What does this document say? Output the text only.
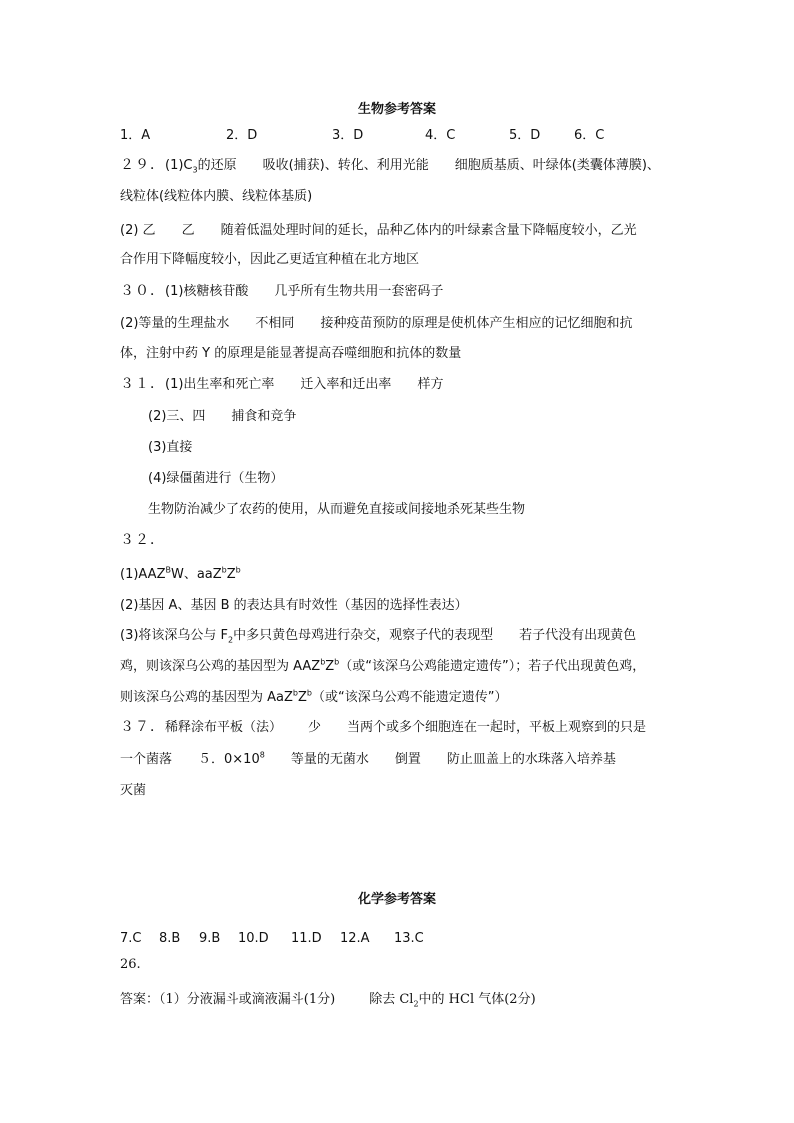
生物参考答案
1．A	2．D	3．D	4．C	5．D	6．C
２９．$(1)C_3$的还原 吸收(捕获)、转化、利用光能 细胞质基质、叶绿体(类囊体薄膜)、
线粒体(线粒体内膜、线粒体基质)
(2) 乙 乙 随着低温处理时间的延长，品种乙体内的叶绿素含量下降幅度较小，乙光
合作用下降幅度较小，因此乙更适宜种植在北方地区
３０．(1)核糖核苷酸 几乎所有生物共用一套密码子
(2)等量的生理盐水 不相同 接种疫苗预防的原理是使机体产生相应的记忆细胞和抗
体，注射中药 Y 的原理是能显著提高吞噬细胞和抗体的数量
３１．(1)出生率和死亡率 迁入率和迁出率 样方
(2)三、四 捕食和竞争
(3)直接
(4)绿僵菌进行（生物）
生物防治减少了农药的使用，从而避免直接或间接地杀死某些生物
３２．
$(1)AAZ^BW$、$aaZ^bZ^b$
(2)基因 A、基因 B 的表达具有时效性（基因的选择性表达）
(3)将该深乌公与 $F_2$中多只黄色母鸡进行杂交，观察子代的表现型 若子代没有出现黄色
鸡，则该深乌公鸡的基因型为 $AAZ^bZ^b$（或“该深乌公鸡能遗定遗传”）；若子代出现黄色鸡，
则该深乌公鸡的基因型为 $AaZ^bZ^b$（或“该深乌公鸡不能遗定遗传”）
３７．稀释涂布平板（法） 少 当两个或多个细胞连在一起时，平板上观察到的只是
一个菌落 ５．$0\times 10^8$ 等量的无菌水 倒置 防止皿盖上的水珠落入培养基
灭菌
化学参考答案
7.C 8.B 9.B 10.D 11.D 12.A 13.C
26.
答案：（1）分液漏斗或滴液漏斗(1分)	除去 $Cl_2$中的 HCl 气体(2分)
